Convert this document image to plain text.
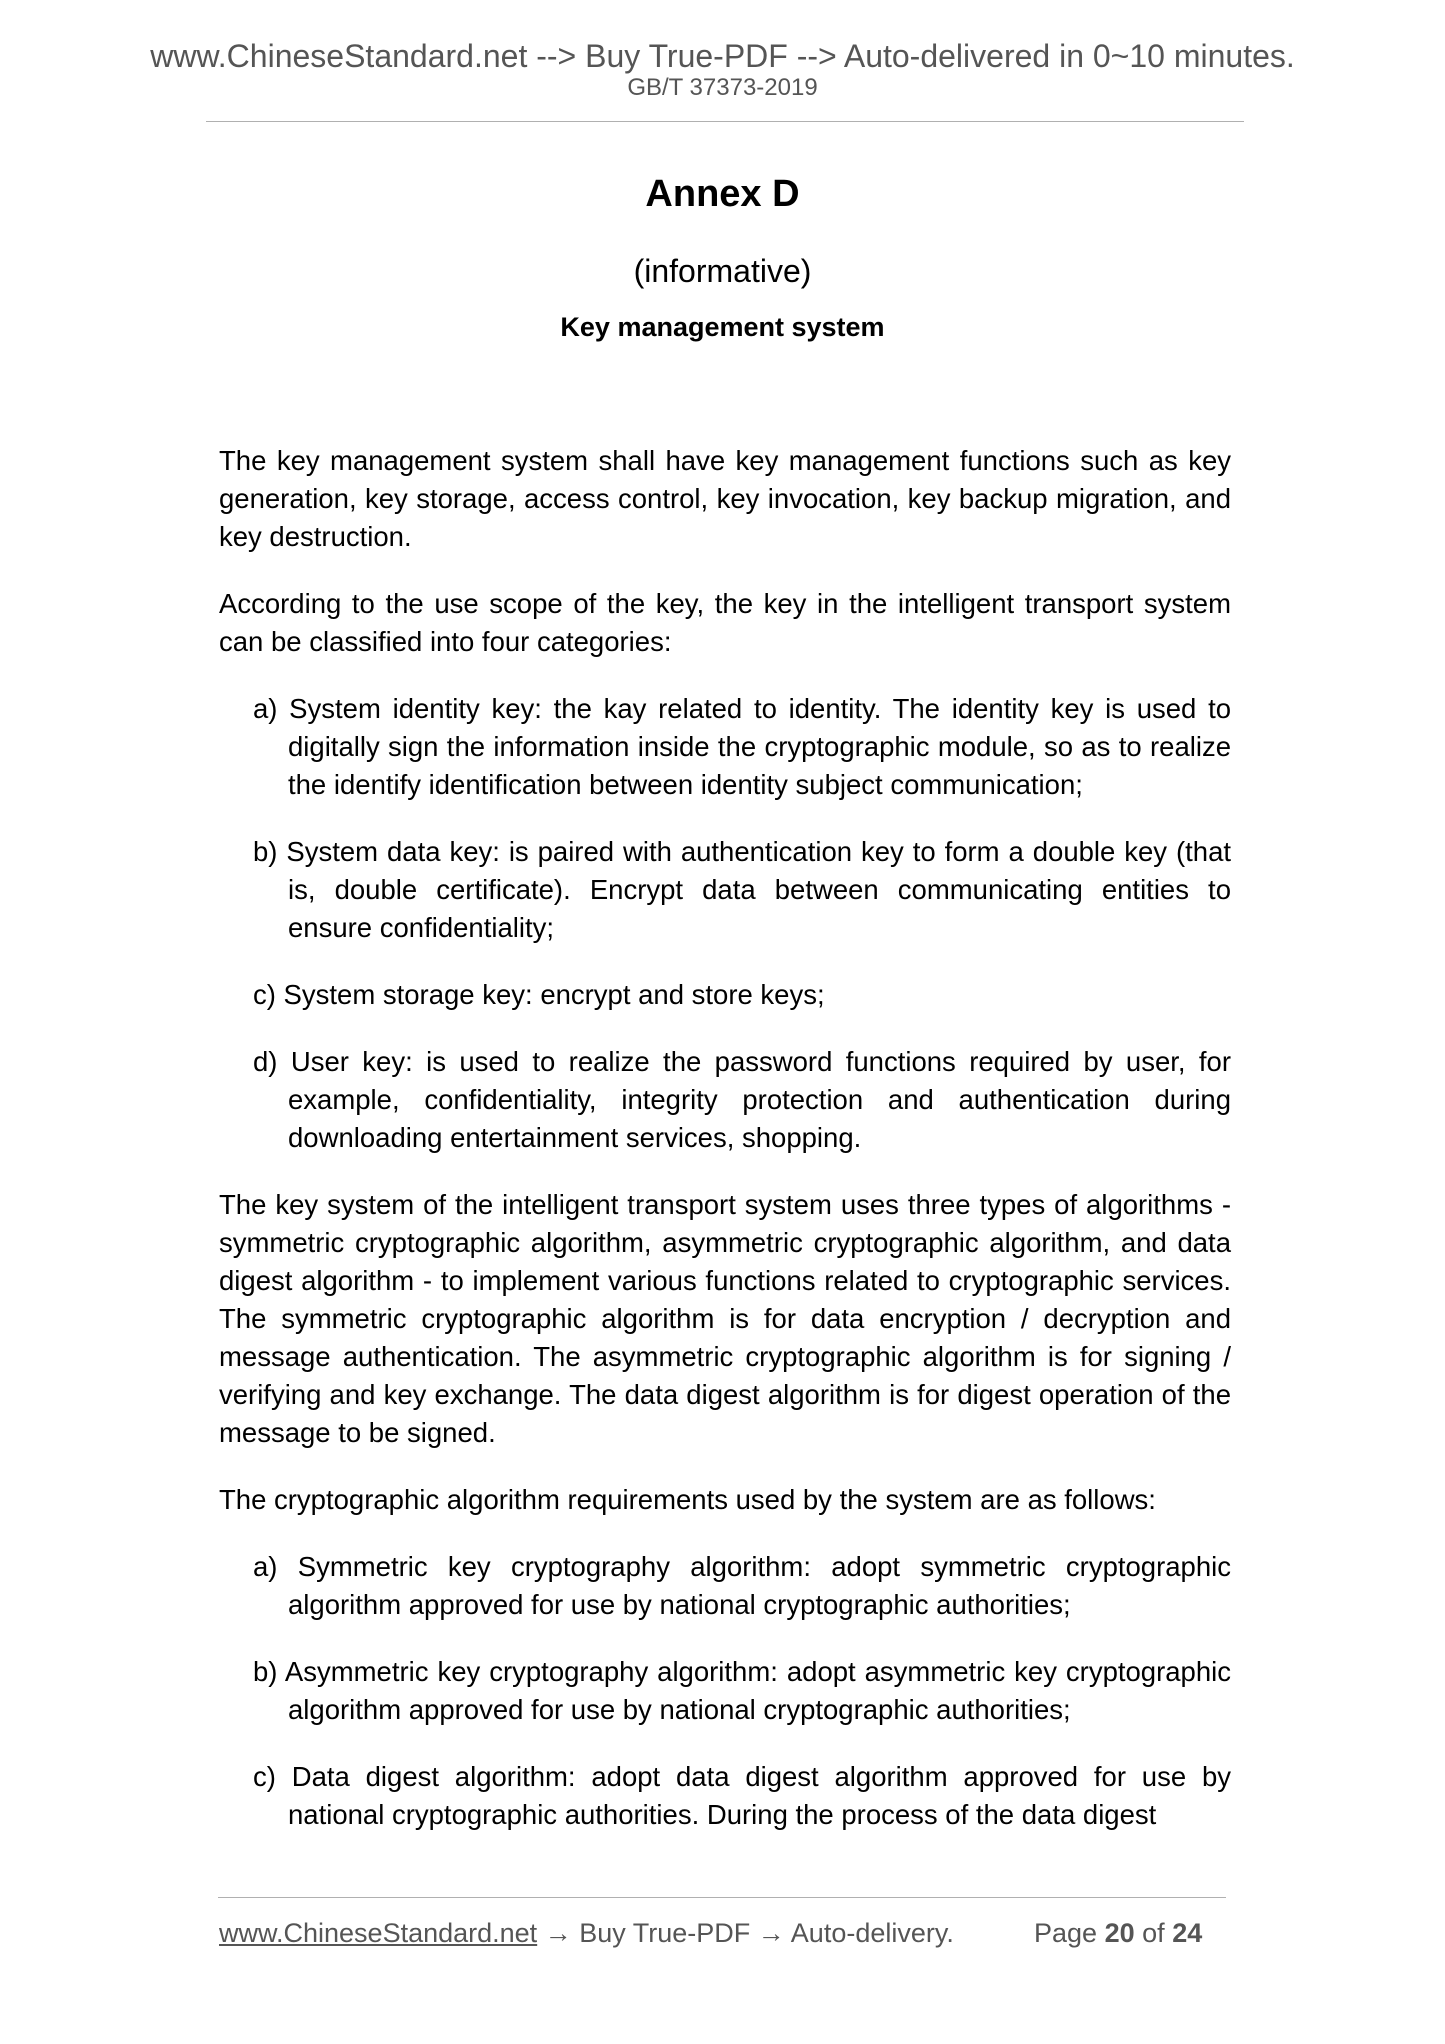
www.ChineseStandard.net --> Buy True-PDF --> Auto-delivered in 0~10 minutes.
GB/T 37373-2019
Annex D
(informative)
Key management system

The key management system shall have key management functions such as key generation, key storage, access control, key invocation, key backup migration, and key destruction.

According to the use scope of the key, the key in the intelligent transport system can be classified into four categories:

a) System identity key: the kay related to identity. The identity key is used to digitally sign the information inside the cryptographic module, so as to realize the identify identification between identity subject communication;
b) System data key: is paired with authentication key to form a double key (that is, double certificate). Encrypt data between communicating entities to ensure confidentiality;
c) System storage key: encrypt and store keys;
d) User key: is used to realize the password functions required by user, for example, confidentiality, integrity protection and authentication during downloading entertainment services, shopping.

The key system of the intelligent transport system uses three types of algorithms - symmetric cryptographic algorithm, asymmetric cryptographic algorithm, and data digest algorithm - to implement various functions related to cryptographic services. The symmetric cryptographic algorithm is for data encryption / decryption and message authentication. The asymmetric cryptographic algorithm is for signing / verifying and key exchange. The data digest algorithm is for digest operation of the message to be signed.

The cryptographic algorithm requirements used by the system are as follows:

a) Symmetric key cryptography algorithm: adopt symmetric cryptographic algorithm approved for use by national cryptographic authorities;
b) Asymmetric key cryptography algorithm: adopt asymmetric key cryptographic algorithm approved for use by national cryptographic authorities;
c) Data digest algorithm: adopt data digest algorithm approved for use by national cryptographic authorities. During the process of the data digest
www.ChineseStandard.net → Buy True-PDF → Auto-delivery.	Page 20 of 24
